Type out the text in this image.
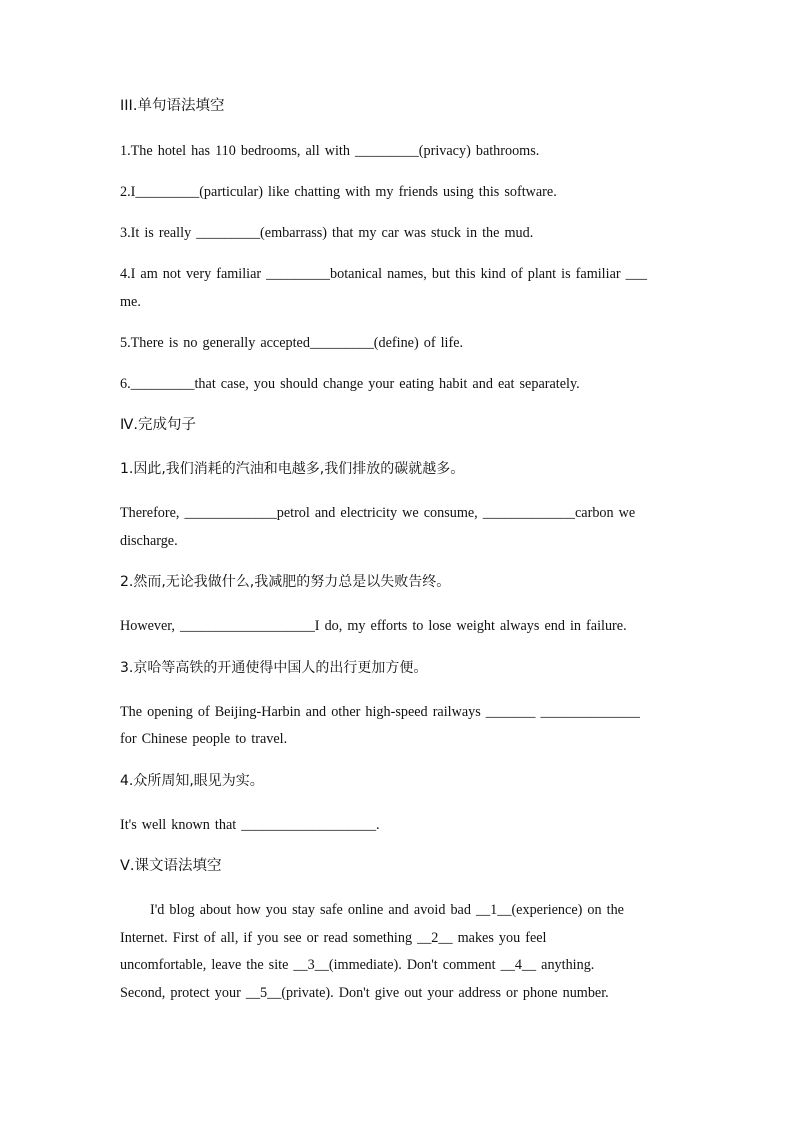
III.单句语法填空
1.The hotel has 110 bedrooms, all with _________(privacy) bathrooms.
2.I_________(particular) like chatting with my friends using this software.
3.It is really _________(embarrass) that my car was stuck in the mud.
4.I am not very familiar _________botanical names, but this kind of plant is familiar ___
me.
5.There is no generally accepted_________(define) of life.
6._________that case, you should change your eating habit and eat separately.
Ⅳ.完成句子
1.因此,我们消耗的汽油和电越多,我们排放的碳就越多。
Therefore, _____________petrol and electricity we consume, _____________carbon we
discharge.
2.然而,无论我做什么,我减肥的努力总是以失败告终。
However, ___________________I do, my efforts to lose weight always end in failure.
3.京哈等高铁的开通使得中国人的出行更加方便。
The opening of Beijing-Harbin and other high-speed railways _______ ______________
for Chinese people to travel.
4.众所周知,眼见为实。
It's well known that ___________________.
Ⅴ.课文语法填空
I'd blog about how you stay safe online and avoid bad __1__(experience) on the
Internet. First of all, if you see or read something __2__ makes you feel
uncomfortable, leave the site __3__(immediate). Don't comment __4__ anything.
Second, protect your __5__(private). Don't give out your address or phone number.
